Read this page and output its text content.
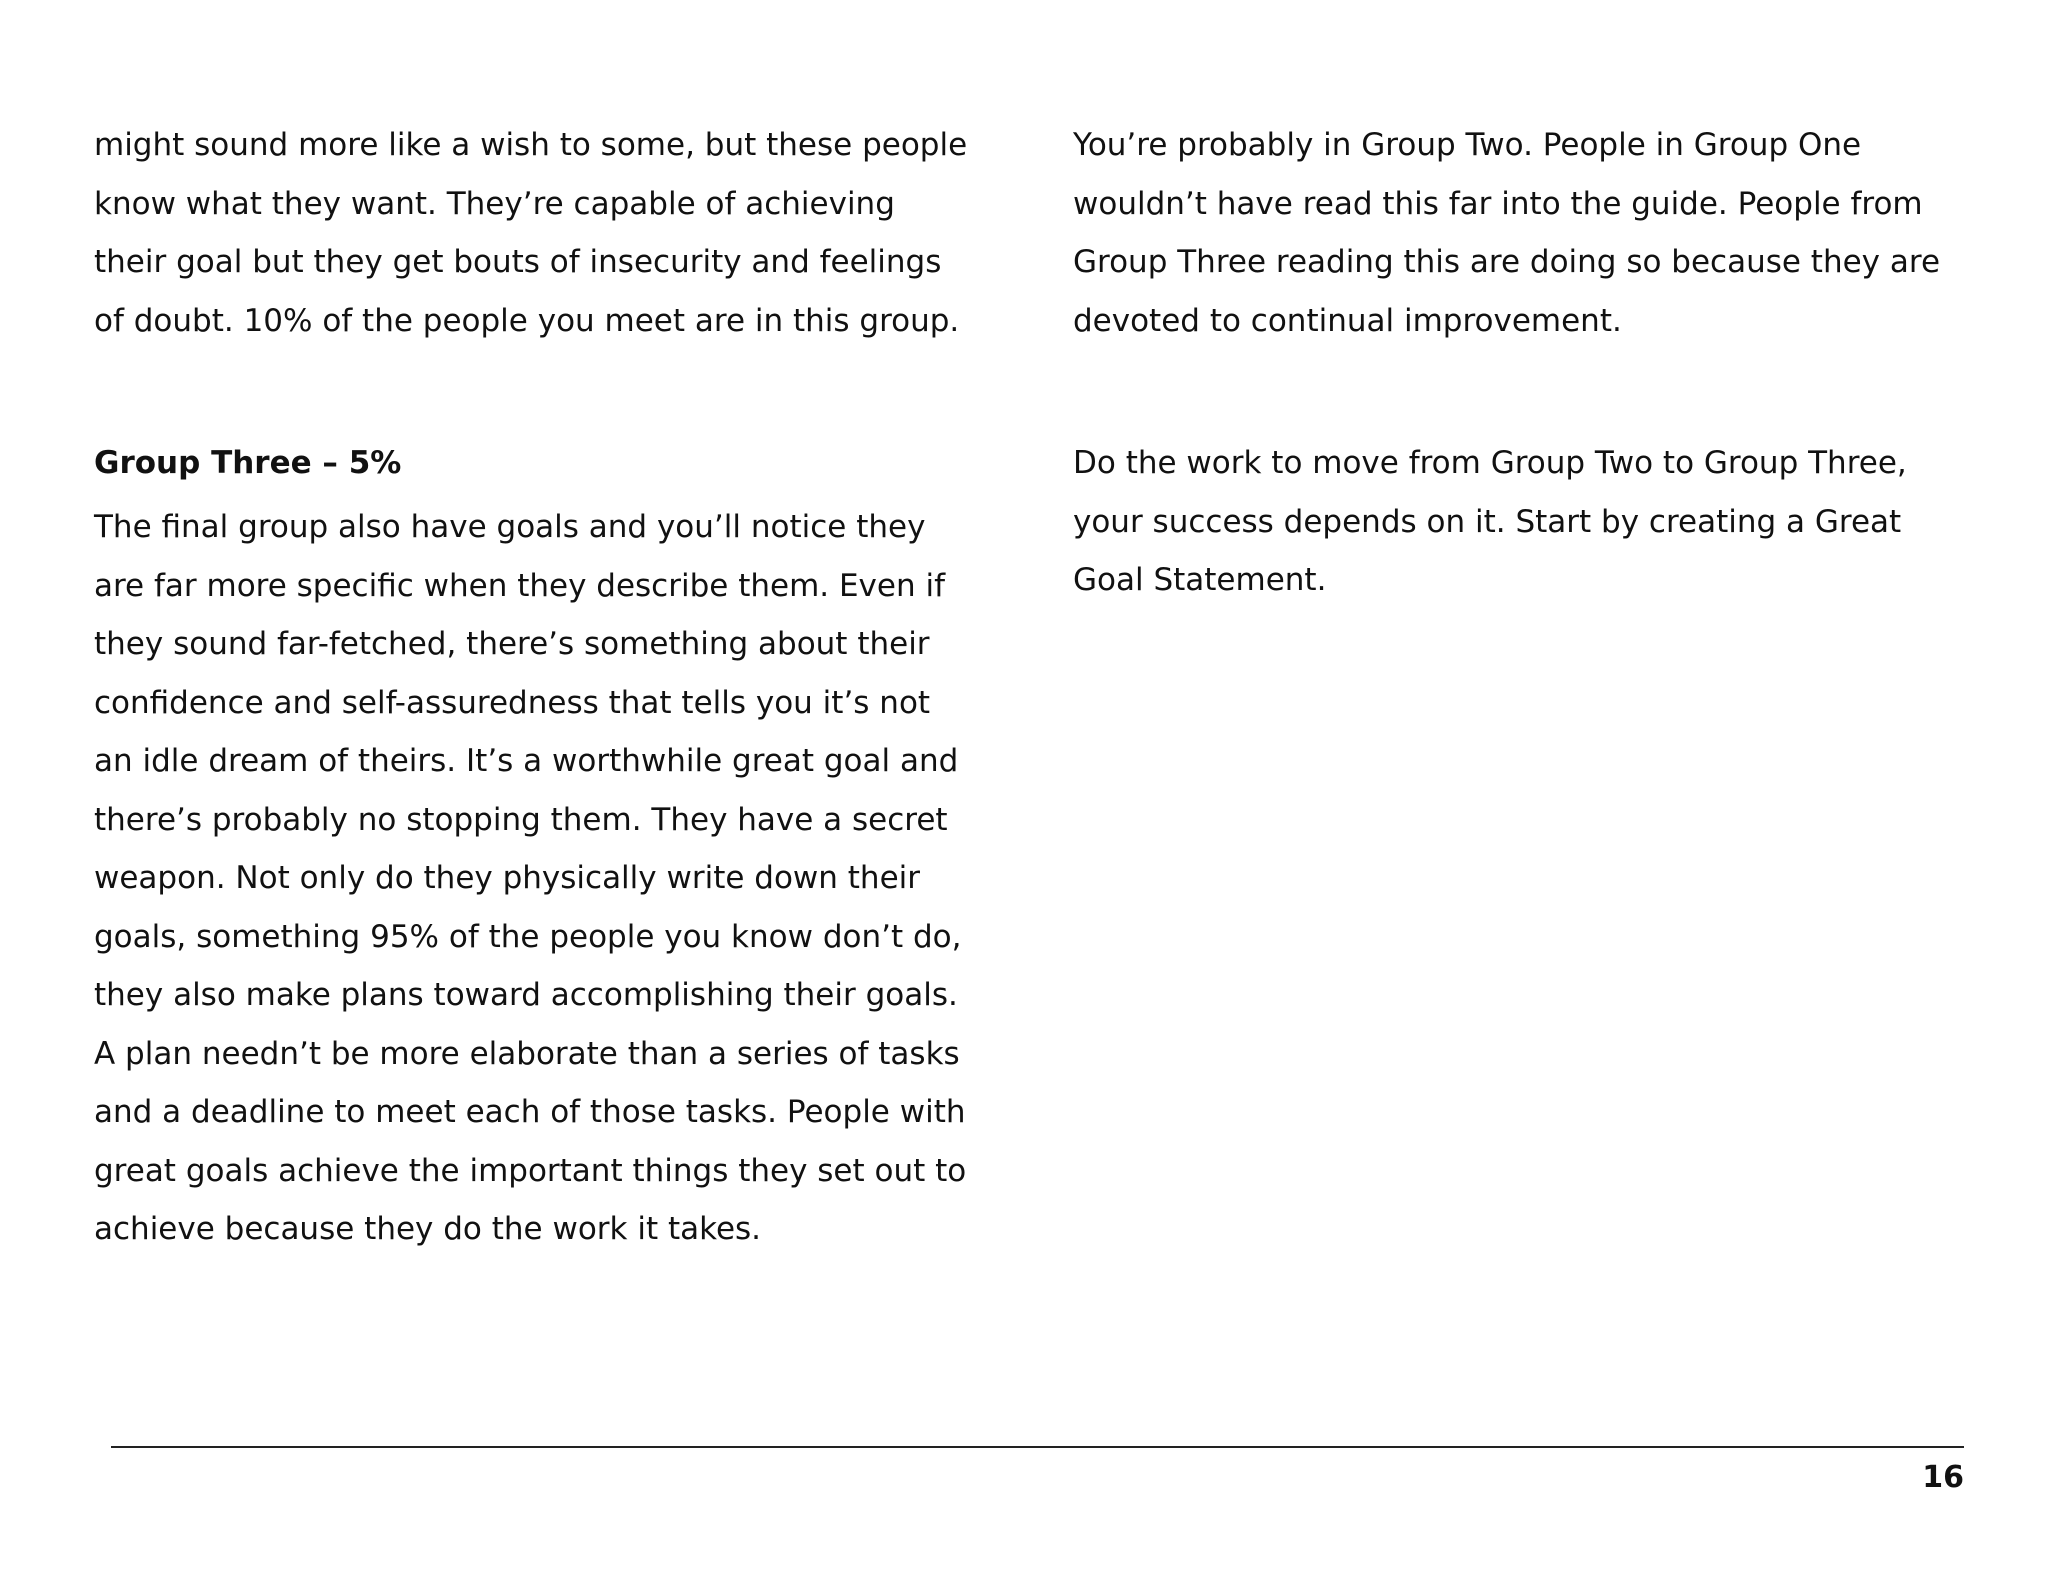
might sound more like a wish to some, but these people
know what they want. They’re capable of achieving
their goal but they get bouts of insecurity and feelings
of doubt. 10% of the people you meet are in this group.

Group Three – 5%

The final group also have goals and you’ll notice they
are far more specific when they describe them. Even if
they sound far-fetched, there’s something about their
confidence and self-assuredness that tells you it’s not
an idle dream of theirs. It’s a worthwhile great goal and
there’s probably no stopping them. They have a secret
weapon. Not only do they physically write down their
goals, something 95% of the people you know don’t do,
they also make plans toward accomplishing their goals.
A plan needn’t be more elaborate than a series of tasks
and a deadline to meet each of those tasks. People with
great goals achieve the important things they set out to
achieve because they do the work it takes.

You’re probably in Group Two. People in Group One
wouldn’t have read this far into the guide. People from
Group Three reading this are doing so because they are
devoted to continual improvement.

Do the work to move from Group Two to Group Three,
your success depends on it. Start by creating a Great
Goal Statement.

16
